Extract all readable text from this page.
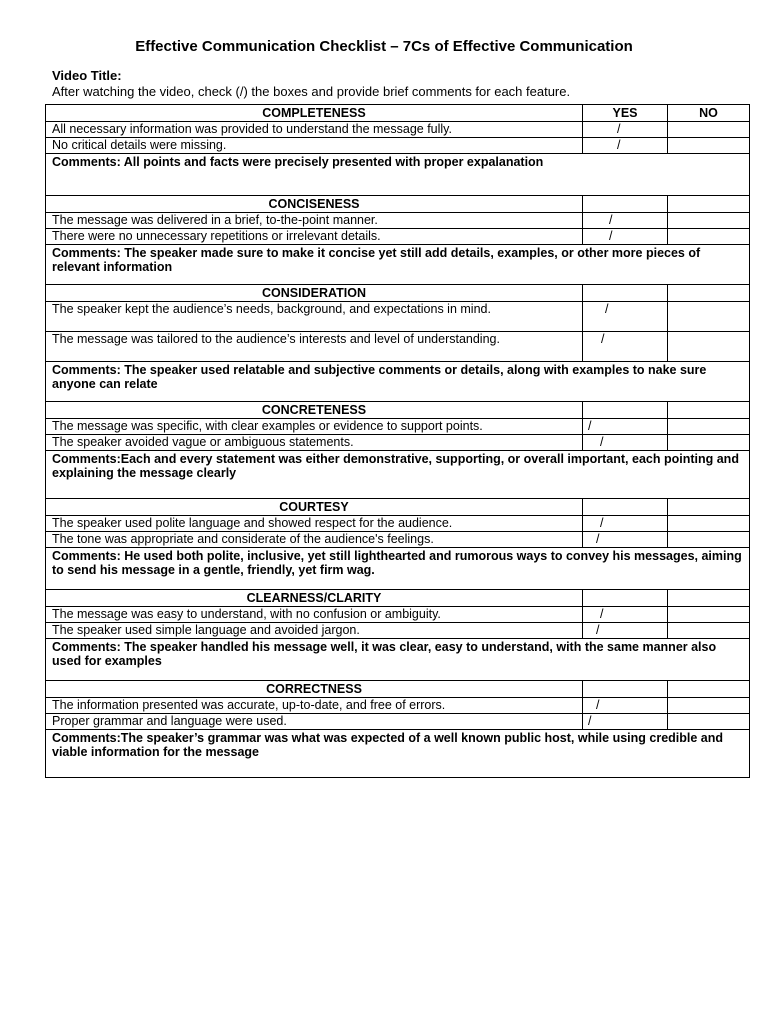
Effective Communication Checklist – 7Cs of Effective Communication
Video Title:
After watching the video, check (/) the boxes and provide brief comments for each feature.
COMPLETENESS	YES	NO
All necessary information was provided to understand the message fully.	/	
No critical details were missing.	/	
Comments: All points and facts were precisely presented with proper expalanation		
CONCISENESS		
The message was delivered in a brief, to-the-point manner.	/	
There were no unnecessary repetitions or irrelevant details.	/	
Comments: The speaker made sure to make it concise yet still add details, examples, or other more pieces of relevant information		
CONSIDERATION		
The speaker kept the audience’s needs, background, and expectations in mind.	/	
The message was tailored to the audience’s interests and level of understanding.	/	
Comments: The speaker used relatable and subjective comments or details, along with examples to nake sure anyone can relate		
CONCRETENESS		
The message was specific, with clear examples or evidence to support points.	/	
The speaker avoided vague or ambiguous statements.	/	
Comments:Each and every statement was either demonstrative, supporting, or overall important, each pointing and explaining the message clearly		
COURTESY		
The speaker used polite language and showed respect for the audience.	/	
The tone was appropriate and considerate of the audience's feelings.	/	
Comments: He used both polite, inclusive, yet still lighthearted and rumorous ways to convey his messages, aiming to send his message in a gentle, friendly, yet firm wag.		
CLEARNESS/CLARITY		
The message was easy to understand, with no confusion or ambiguity.	/	
The speaker used simple language and avoided jargon.	/	
Comments: The speaker handled his message well, it was clear, easy to understand, with the same manner also used for examples		
CORRECTNESS		
The information presented was accurate, up-to-date, and free of errors.	/	
Proper grammar and language were used.	/	
Comments:The speaker’s grammar was what was expected of a well known public host, while using credible and viable information for the message		
